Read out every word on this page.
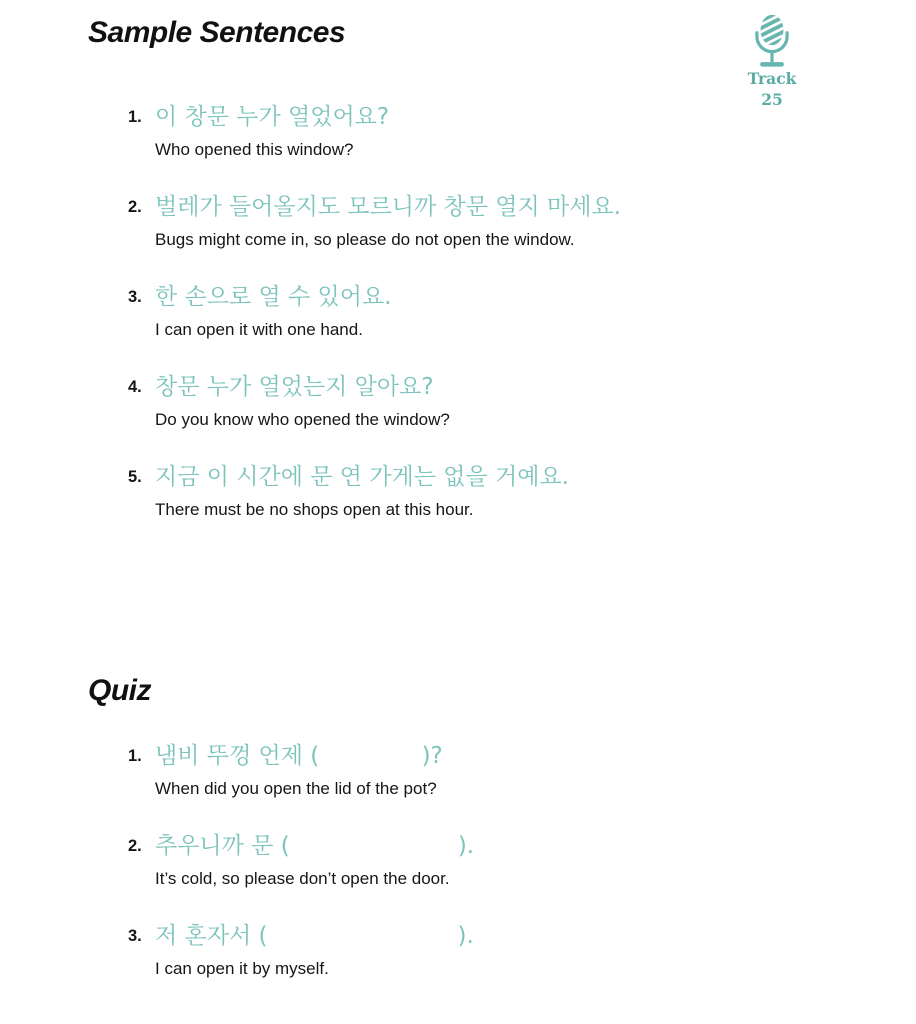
Sample Sentences
Track
25
1. 이 창문 누가 열었어요?
Who opened this window?
2. 벌레가 들어올지도 모르니까 창문 열지 마세요.
Bugs might come in, so please do not open the window.
3. 한 손으로 열 수 있어요.
I can open it with one hand.
4. 창문 누가 열었는지 알아요?
Do you know who opened the window?
5. 지금 이 시간에 문 연 가게는 없을 거예요.
There must be no shops open at this hour.
Quiz
1. 냄비 뚜껑 언제 (              )?
When did you open the lid of the pot?
2. 추우니까 문 (                       ).
It’s cold, so please don’t open the door.
3. 저 혼자서 (                          ).
I can open it by myself.
